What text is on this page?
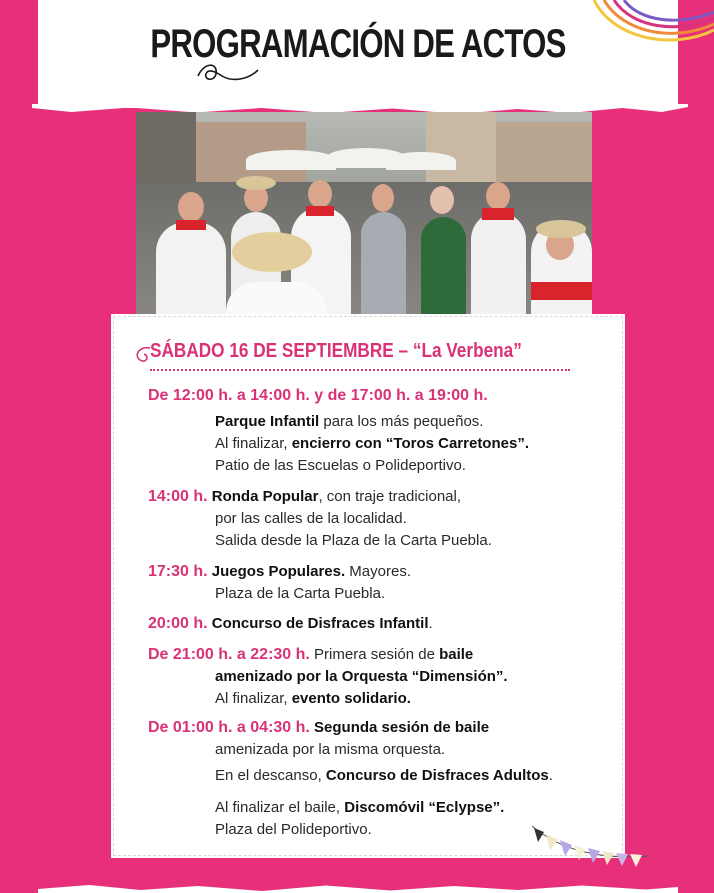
PROGRAMACIÓN DE ACTOS
SÁBADO 16 DE SEPTIEMBRE – “La Verbena”
De 12:00 h. a 14:00 h. y de 17:00 h. a 19:00 h.
Parque Infantil para los más pequeños.
Al finalizar, encierro con “Toros Carretones”.
Patio de las Escuelas o Polideportivo.
14:00 h. Ronda Popular, con traje tradicional,
por las calles de la localidad.
Salida desde la Plaza de la Carta Puebla.
17:30 h. Juegos Populares. Mayores.
Plaza de la Carta Puebla.
20:00 h. Concurso de Disfraces Infantil.
De 21:00 h. a 22:30 h. Primera sesión de baile
amenizado por la Orquesta “Dimensión”.
Al finalizar, evento solidario.
De 01:00 h. a 04:30 h. Segunda sesión de baile
amenizada por la misma orquesta.
En el descanso, Concurso de Disfraces Adultos.
Al finalizar el baile, Discomóvil “Eclypse”.
Plaza del Polideportivo.
